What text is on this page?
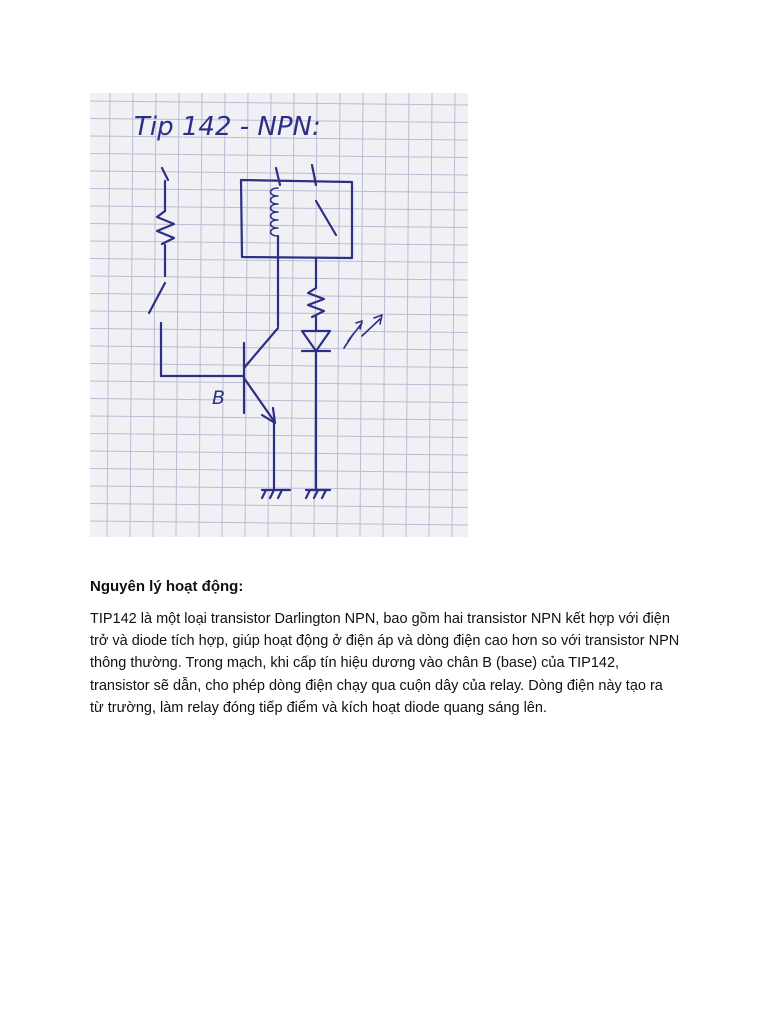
Tip 142 - NPN:
B

Nguyên lý hoạt động:

TIP142 là một loại transistor Darlington NPN, bao gồm hai transistor NPN kết hợp với điện trở và diode tích hợp, giúp hoạt động ở điện áp và dòng điện cao hơn so với transistor NPN thông thường. Trong mạch, khi cấp tín hiệu dương vào chân B (base) của TIP142, transistor sẽ dẫn, cho phép dòng điện chạy qua cuộn dây của relay. Dòng điện này tạo ra từ trường, làm relay đóng tiếp điểm và kích hoạt diode quang sáng lên.
